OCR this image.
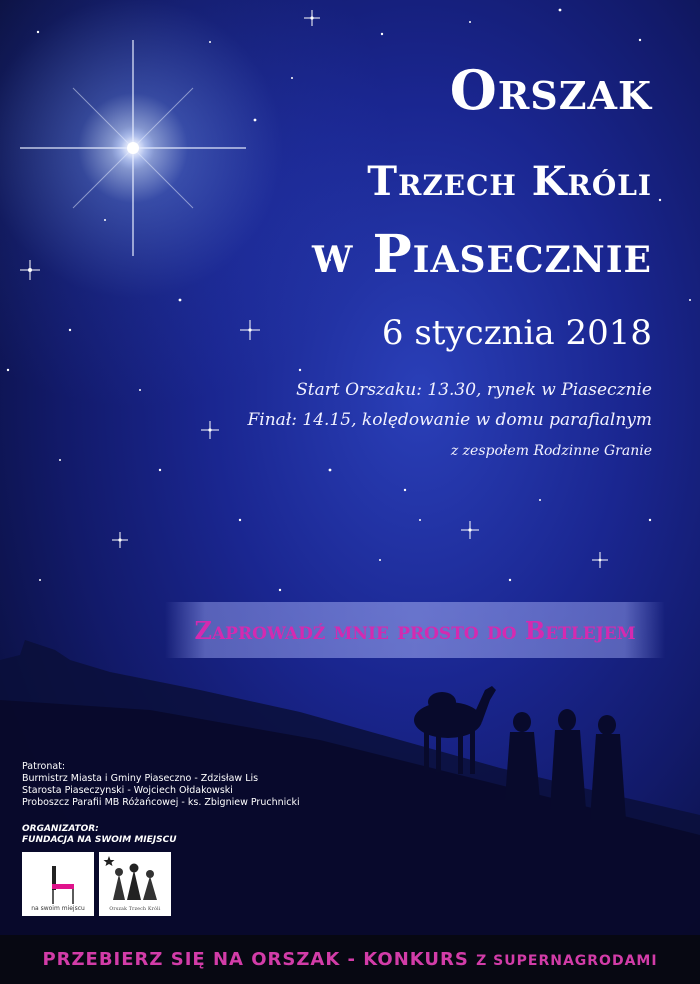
Orszak
Trzech Króli
w Piasecznie
6 stycznia 2018
Start Orszaku: 13.30, rynek w Piasecznie
Finał: 14.15, kolędowanie w domu parafialnym
z zespołem Rodzinne Granie
Zaprowadź mnie prosto do Betlejem
Patronat:
Burmistrz Miasta i Gminy Piaseczno - Zdzisław Lis
Starosta Piaseczynski - Wojciech Ołdakowski
Proboszcz Parafii MB Różańcowej - ks. Zbigniew Pruchnicki
ORGANIZATOR:
FUNDACJA NA SWOIM MIEJSCU
na swoim miejscu	Orszak Trzech Króli
PRZEBIERZ SIĘ NA ORSZAK - KONKURS Z SUPERNAGRODAMI
